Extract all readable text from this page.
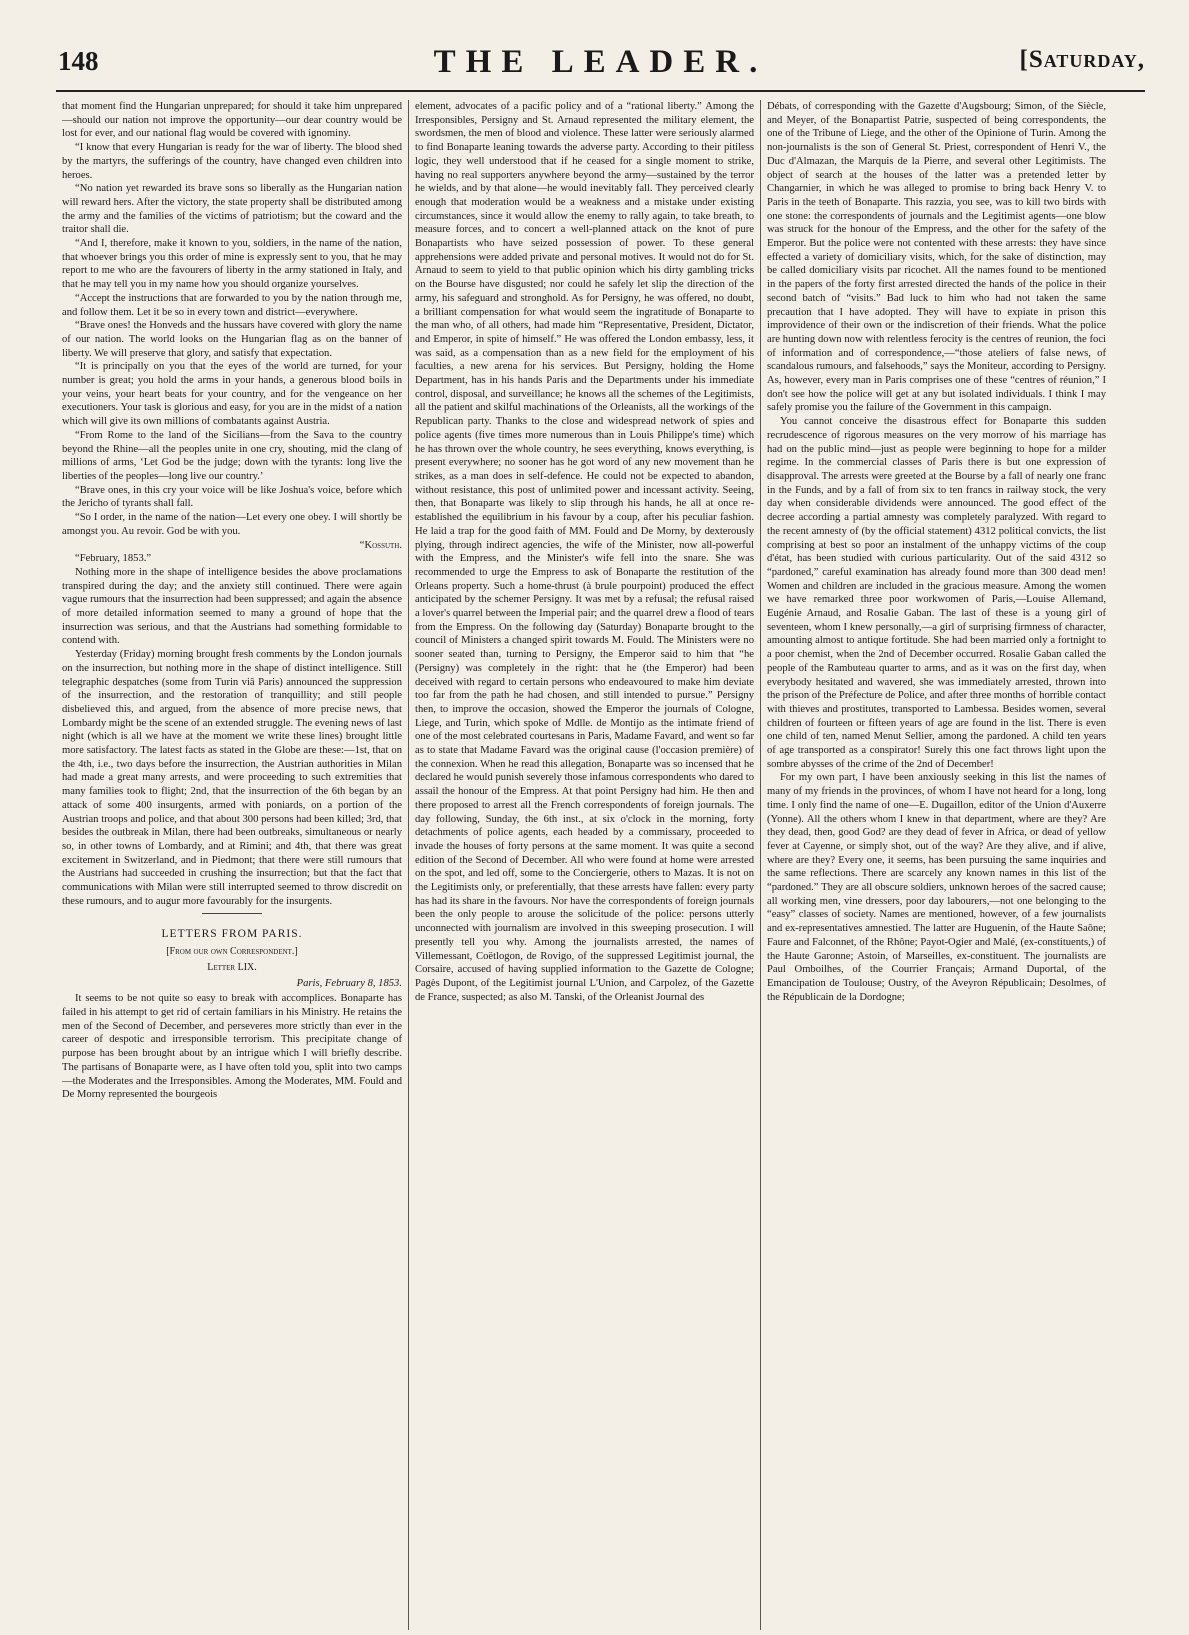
148	THE LEADER.	[Saturday,

that moment find the Hungarian unprepared; for should it take him unprepared—should our nation not improve the opportunity—our dear country would be lost for ever, and our national flag would be covered with ignominy.

“I know that every Hungarian is ready for the war of liberty. The blood shed by the martyrs, the sufferings of the country, have changed even children into heroes.

“No nation yet rewarded its brave sons so liberally as the Hungarian nation will reward hers. After the victory, the state property shall be distributed among the army and the families of the victims of patriotism; but the coward and the traitor shall die.

“And I, therefore, make it known to you, soldiers, in the name of the nation, that whoever brings you this order of mine is expressly sent to you, that he may report to me who are the favourers of liberty in the army stationed in Italy, and that he may tell you in my name how you should organize yourselves.

“Accept the instructions that are forwarded to you by the nation through me, and follow them. Let it be so in every town and district—everywhere.

“Brave ones! the Honveds and the hussars have covered with glory the name of our nation. The world looks on the Hungarian flag as on the banner of liberty. We will preserve that glory, and satisfy that expectation.

“It is principally on you that the eyes of the world are turned, for your number is great; you hold the arms in your hands, a generous blood boils in your veins, your heart beats for your country, and for the vengeance on her executioners. Your task is glorious and easy, for you are in the midst of a nation which will give its own millions of combatants against Austria.

“From Rome to the land of the Sicilians—from the Sava to the country beyond the Rhine—all the peoples unite in one cry, shouting, mid the clang of millions of arms, ‘Let God be the judge; down with the tyrants: long live the liberties of the peoples—long live our country.’

“Brave ones, in this cry your voice will be like Joshua's voice, before which the Jericho of tyrants shall fall.

“So I order, in the name of the nation—Let every one obey. I will shortly be amongst you. Au revoir. God be with you.

“Kossuth.

“February, 1853.”

Nothing more in the shape of intelligence besides the above proclamations transpired during the day; and the anxiety still continued. There were again vague rumours that the insurrection had been suppressed; and again the absence of more detailed information seemed to many a ground of hope that the insurrection was serious, and that the Austrians had something formidable to contend with.

Yesterday (Friday) morning brought fresh comments by the London journals on the insurrection, but nothing more in the shape of distinct intelligence. Still telegraphic despatches (some from Turin viâ Paris) announced the suppression of the insurrection, and the restoration of tranquillity; and still people disbelieved this, and argued, from the absence of more precise news, that Lombardy might be the scene of an extended struggle. The evening news of last night (which is all we have at the moment we write these lines) brought little more satisfactory. The latest facts as stated in the Globe are these:—1st, that on the 4th, i.e., two days before the insurrection, the Austrian authorities in Milan had made a great many arrests, and were proceeding to such extremities that many families took to flight; 2nd, that the insurrection of the 6th began by an attack of some 400 insurgents, armed with poniards, on a portion of the Austrian troops and police, and that about 300 persons had been killed; 3rd, that besides the outbreak in Milan, there had been outbreaks, simultaneous or nearly so, in other towns of Lombardy, and at Rimini; and 4th, that there was great excitement in Switzerland, and in Piedmont; that there were still rumours that the Austrians had succeeded in crushing the insurrection; but that the fact that communications with Milan were still interrupted seemed to throw discredit on these rumours, and to augur more favourably for the insurgents.

LETTERS FROM PARIS.
[From our own Correspondent.]
Letter LIX.
Paris, February 8, 1853.

It seems to be not quite so easy to break with accomplices. Bonaparte has failed in his attempt to get rid of certain familiars in his Ministry. He retains the men of the Second of December, and perseveres more strictly than ever in the career of despotic and irresponsible terrorism. This precipitate change of purpose has been brought about by an intrigue which I will briefly describe. The partisans of Bonaparte were, as I have often told you, split into two camps—the Moderates and the Irresponsibles. Among the Moderates, MM. Fould and De Morny represented the bourgeois

element, advocates of a pacific policy and of a “rational liberty.” Among the Irresponsibles, Persigny and St. Arnaud represented the military element, the swordsmen, the men of blood and violence. These latter were seriously alarmed to find Bonaparte leaning towards the adverse party. According to their pitiless logic, they well understood that if he ceased for a single moment to strike, having no real supporters anywhere beyond the army—sustained by the terror he wields, and by that alone—he would inevitably fall. They perceived clearly enough that moderation would be a weakness and a mistake under existing circumstances, since it would allow the enemy to rally again, to take breath, to measure forces, and to concert a well-planned attack on the knot of pure Bonapartists who have seized possession of power. To these general apprehensions were added private and personal motives. It would not do for St. Arnaud to seem to yield to that public opinion which his dirty gambling tricks on the Bourse have disgusted; nor could he safely let slip the direction of the army, his safeguard and stronghold. As for Persigny, he was offered, no doubt, a brilliant compensation for what would seem the ingratitude of Bonaparte to the man who, of all others, had made him “Representative, President, Dictator, and Emperor, in spite of himself.” He was offered the London embassy, less, it was said, as a compensation than as a new field for the employment of his faculties, a new arena for his services. But Persigny, holding the Home Department, has in his hands Paris and the Departments under his immediate control, disposal, and surveillance; he knows all the schemes of the Legitimists, all the patient and skilful machinations of the Orleanists, all the workings of the Republican party. Thanks to the close and widespread network of spies and police agents (five times more numerous than in Louis Philippe's time) which he has thrown over the whole country, he sees everything, knows everything, is present everywhere; no sooner has he got word of any new movement than he strikes, as a man does in self-defence. He could not be expected to abandon, without resistance, this post of unlimited power and incessant activity. Seeing, then, that Bonaparte was likely to slip through his hands, he all at once re-established the equilibrium in his favour by a coup, after his peculiar fashion. He laid a trap for the good faith of MM. Fould and De Morny, by dexterously plying, through indirect agencies, the wife of the Minister, now all-powerful with the Empress, and the Minister's wife fell into the snare. She was recommended to urge the Empress to ask of Bonaparte the restitution of the Orleans property. Such a home-thrust (à brule pourpoint) produced the effect anticipated by the schemer Persigny. It was met by a refusal; the refusal raised a lover's quarrel between the Imperial pair; and the quarrel drew a flood of tears from the Empress. On the following day (Saturday) Bonaparte brought to the council of Ministers a changed spirit towards M. Fould. The Ministers were no sooner seated than, turning to Persigny, the Emperor said to him that “he (Persigny) was completely in the right: that he (the Emperor) had been deceived with regard to certain persons who endeavoured to make him deviate too far from the path he had chosen, and still intended to pursue.” Persigny then, to improve the occasion, showed the Emperor the journals of Cologne, Liege, and Turin, which spoke of Mdlle. de Montijo as the intimate friend of one of the most celebrated courtesans in Paris, Madame Favard, and went so far as to state that Madame Favard was the original cause (l'occasion première) of the connexion. When he read this allegation, Bonaparte was so incensed that he declared he would punish severely those infamous correspondents who dared to assail the honour of the Empress. At that point Persigny had him. He then and there proposed to arrest all the French correspondents of foreign journals. The day following, Sunday, the 6th inst., at six o'clock in the morning, forty detachments of police agents, each headed by a commissary, proceeded to invade the houses of forty persons at the same moment. It was quite a second edition of the Second of December. All who were found at home were arrested on the spot, and led off, some to the Conciergerie, others to Mazas. It is not on the Legitimists only, or preferentially, that these arrests have fallen: every party has had its share in the favours. Nor have the correspondents of foreign journals been the only people to arouse the solicitude of the police: persons utterly unconnected with journalism are involved in this sweeping prosecution. I will presently tell you why. Among the journalists arrested, the names of Villemessant, Coëtlogon, de Rovigo, of the suppressed Legitimist journal, the Corsaire, accused of having supplied information to the Gazette de Cologne; Pagès Dupont, of the Legitimist journal L'Union, and Carpolez, of the Gazette de France, suspected; as also M. Tanski, of the Orleanist Journal des

Débats, of corresponding with the Gazette d'Augsbourg; Simon, of the Siècle, and Meyer, of the Bonapartist Patrie, suspected of being correspondents, the one of the Tribune of Liege, and the other of the Opinione of Turin. Among the non-journalists is the son of General St. Priest, correspondent of Henri V., the Duc d'Almazan, the Marquis de la Pierre, and several other Legitimists. The object of search at the houses of the latter was a pretended letter by Changarnier, in which he was alleged to promise to bring back Henry V. to Paris in the teeth of Bonaparte. This razzia, you see, was to kill two birds with one stone: the correspondents of journals and the Legitimist agents—one blow was struck for the honour of the Empress, and the other for the safety of the Emperor. But the police were not contented with these arrests: they have since effected a variety of domiciliary visits, which, for the sake of distinction, may be called domiciliary visits par ricochet. All the names found to be mentioned in the papers of the forty first arrested directed the hands of the police in their second batch of “visits.” Bad luck to him who had not taken the same precaution that I have adopted. They will have to expiate in prison this improvidence of their own or the indiscretion of their friends. What the police are hunting down now with relentless ferocity is the centres of reunion, the foci of information and of correspondence,—“those ateliers of false news, of scandalous rumours, and falsehoods,” says the Moniteur, according to Persigny. As, however, every man in Paris comprises one of these “centres of réunion,” I don't see how the police will get at any but isolated individuals. I think I may safely promise you the failure of the Government in this campaign.

You cannot conceive the disastrous effect for Bonaparte this sudden recrudescence of rigorous measures on the very morrow of his marriage has had on the public mind—just as people were beginning to hope for a milder regime. In the commercial classes of Paris there is but one expression of disapproval. The arrests were greeted at the Bourse by a fall of nearly one franc in the Funds, and by a fall of from six to ten francs in railway stock, the very day when considerable dividends were announced. The good effect of the decree according a partial amnesty was completely paralyzed. With regard to the recent amnesty of (by the official statement) 4312 political convicts, the list comprising at best so poor an instalment of the unhappy victims of the coup d'état, has been studied with curious particularity. Out of the said 4312 so “pardoned,” careful examination has already found more than 300 dead men! Women and children are included in the gracious measure. Among the women we have remarked three poor workwomen of Paris,—Louise Allemand, Eugénie Arnaud, and Rosalie Gaban. The last of these is a young girl of seventeen, whom I knew personally,—a girl of surprising firmness of character, amounting almost to antique fortitude. She had been married only a fortnight to a poor chemist, when the 2nd of December occurred. Rosalie Gaban called the people of the Rambuteau quarter to arms, and as it was on the first day, when everybody hesitated and wavered, she was immediately arrested, thrown into the prison of the Préfecture de Police, and after three months of horrible contact with thieves and prostitutes, transported to Lambessa. Besides women, several children of fourteen or fifteen years of age are found in the list. There is even one child of ten, named Menut Sellier, among the pardoned. A child ten years of age transported as a conspirator! Surely this one fact throws light upon the sombre abysses of the crime of the 2nd of December!

For my own part, I have been anxiously seeking in this list the names of many of my friends in the provinces, of whom I have not heard for a long, long time. I only find the name of one—E. Dugaillon, editor of the Union d'Auxerre (Yonne). All the others whom I knew in that department, where are they? Are they dead, then, good God? are they dead of fever in Africa, or dead of yellow fever at Cayenne, or simply shot, out of the way? Are they alive, and if alive, where are they? Every one, it seems, has been pursuing the same inquiries and the same reflections. There are scarcely any known names in this list of the “pardoned.” They are all obscure soldiers, unknown heroes of the sacred cause; all working men, vine dressers, poor day labourers,—not one belonging to the “easy” classes of society. Names are mentioned, however, of a few journalists and ex-representatives amnestied. The latter are Huguenin, of the Haute Saône; Faure and Falconnet, of the Rhône; Payot-Ogier and Malé, (ex-constituents,) of the Haute Garonne; Astoin, of Marseilles, ex-constituent. The journalists are Paul Omboilhes, of the Courrier Français; Armand Duportal, of the Emancipation de Toulouse; Oustry, of the Aveyron Républicain; Desolmes, of the Républicain de la Dordogne;
